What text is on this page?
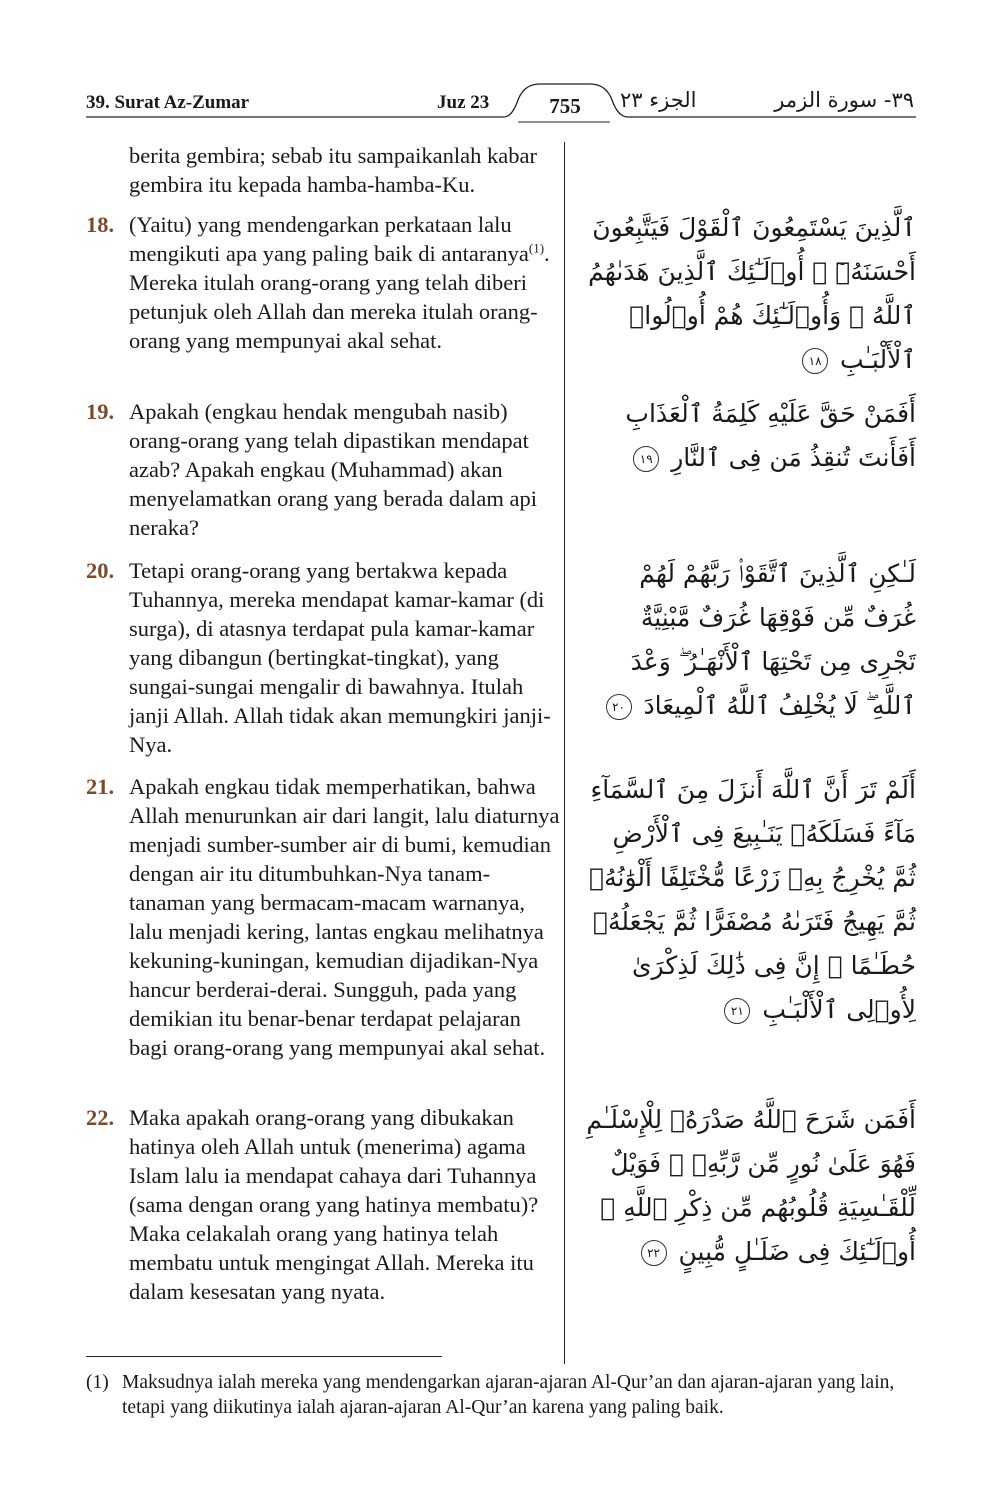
39. Surat Az-Zumar	Juz 23	755	الجزء ٢٣	٣٩- سورة الزمر
berita gembira; sebab itu sampaikanlah kabar gembira itu kepada hamba-hamba-Ku.
18. (Yaitu) yang mendengarkan perkataan lalu mengikuti apa yang paling baik di antaranya$^{(1)}$. Mereka itulah orang-orang yang telah diberi petunjuk oleh Allah dan mereka itulah orang-orang yang mempunyai akal sehat.
19. Apakah (engkau hendak mengubah nasib) orang-orang yang telah dipastikan mendapat azab? Apakah engkau (Muhammad) akan menyelamatkan orang yang berada dalam api neraka?
20. Tetapi orang-orang yang bertakwa kepada Tuhannya, mereka mendapat kamar-kamar (di surga), di atasnya terdapat pula kamar-kamar yang dibangun (bertingkat-tingkat), yang sungai-sungai mengalir di bawahnya. Itulah janji Allah. Allah tidak akan memungkiri janji-Nya.
21. Apakah engkau tidak memperhatikan, bahwa Allah menurunkan air dari langit, lalu diaturnya menjadi sumber-sumber air di bumi, kemudian dengan air itu ditumbuhkan-Nya tanam-tanaman yang bermacam-macam warnanya, lalu menjadi kering, lantas engkau melihatnya kekuning-kuningan, kemudian dijadikan-Nya hancur berderai-derai. Sungguh, pada yang demikian itu benar-benar terdapat pelajaran bagi orang-orang yang mempunyai akal sehat.
22. Maka apakah orang-orang yang dibukakan hatinya oleh Allah untuk (menerima) agama Islam lalu ia mendapat cahaya dari Tuhannya (sama dengan orang yang hatinya membatu)? Maka celakalah orang yang hatinya telah membatu untuk mengingat Allah. Mereka itu dalam kesesatan yang nyata.
ٱلَّذِينَ يَسْتَمِعُونَ ٱلْقَوْلَ فَيَتَّبِعُونَ أَحْسَنَهُۥٓ ۚ أُو۟لَـٰٓئِكَ ٱلَّذِينَ هَدَىٰهُمُ ٱللَّهُ ۖ وَأُو۟لَـٰٓئِكَ هُمْ أُو۟لُوا۟ ٱلْأَلْبَـٰبِ ١٨
أَفَمَنْ حَقَّ عَلَيْهِ كَلِمَةُ ٱلْعَذَابِ أَفَأَنتَ تُنقِذُ مَن فِى ٱلنَّارِ ١٩
لَـٰكِنِ ٱلَّذِينَ ٱتَّقَوْا۟ رَبَّهُمْ لَهُمْ غُرَفٌ مِّن فَوْقِهَا غُرَفٌ مَّبْنِيَّةٌ تَجْرِى مِن تَحْتِهَا ٱلْأَنْهَـٰرُ ۖ وَعْدَ ٱللَّهِ ۖ لَا يُخْلِفُ ٱللَّهُ ٱلْمِيعَادَ ٢٠
أَلَمْ تَرَ أَنَّ ٱللَّهَ أَنزَلَ مِنَ ٱلسَّمَآءِ مَآءً فَسَلَكَهُۥ يَنَـٰبِيعَ فِى ٱلْأَرْضِ ثُمَّ يُخْرِجُ بِهِۦ زَرْعًا مُّخْتَلِفًا أَلْوَٰنُهُۥ ثُمَّ يَهِيجُ فَتَرَىٰهُ مُصْفَرًّا ثُمَّ يَجْعَلُهُۥ حُطَـٰمًا ۚ إِنَّ فِى ذَٰلِكَ لَذِكْرَىٰ لِأُو۟لِى ٱلْأَلْبَـٰبِ ٢١
أَفَمَن شَرَحَ ٱللَّهُ صَدْرَهُۥ لِلْإِسْلَـٰمِ فَهُوَ عَلَىٰ نُورٍ مِّن رَّبِّهِۦ ۚ فَوَيْلٌ لِّلْقَـٰسِيَةِ قُلُوبُهُم مِّن ذِكْرِ ٱللَّهِ ۚ أُو۟لَـٰٓئِكَ فِى ضَلَـٰلٍ مُّبِينٍ ٢٢
(1) Maksudnya ialah mereka yang mendengarkan ajaran-ajaran Al-Qur’an dan ajaran-ajaran yang lain, tetapi yang diikutinya ialah ajaran-ajaran Al-Qur’an karena yang paling baik.
